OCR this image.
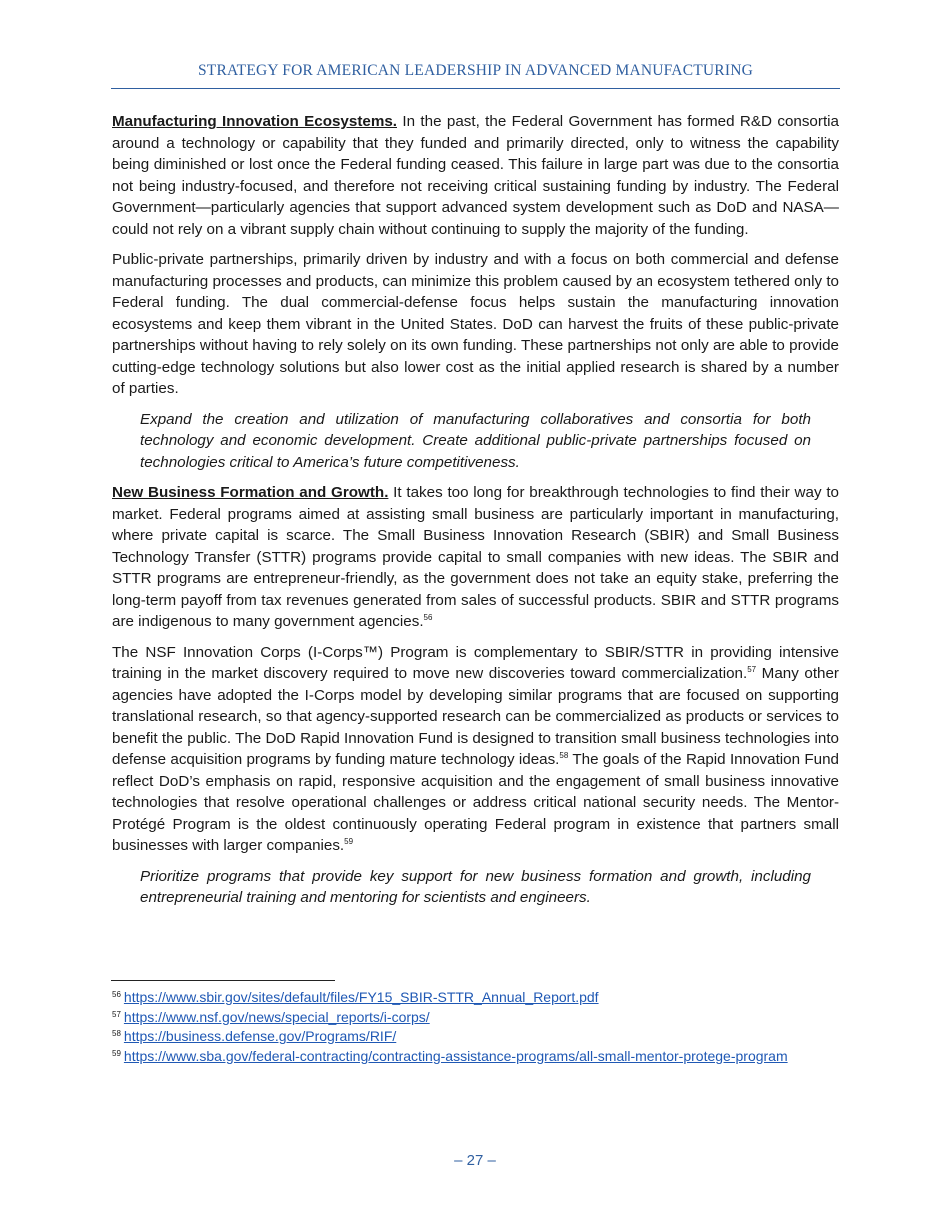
STRATEGY FOR AMERICAN LEADERSHIP IN ADVANCED MANUFACTURING

Manufacturing Innovation Ecosystems. In the past, the Federal Government has formed R&D consortia around a technology or capability that they funded and primarily directed, only to witness the capability being diminished or lost once the Federal funding ceased. This failure in large part was due to the consortia not being industry-focused, and therefore not receiving critical sustaining funding by industry. The Federal Government—particularly agencies that support advanced system development such as DoD and NASA—could not rely on a vibrant supply chain without continuing to supply the majority of the funding.

Public-private partnerships, primarily driven by industry and with a focus on both commercial and defense manufacturing processes and products, can minimize this problem caused by an ecosystem tethered only to Federal funding. The dual commercial-defense focus helps sustain the manufacturing innovation ecosystems and keep them vibrant in the United States. DoD can harvest the fruits of these public-private partnerships without having to rely solely on its own funding. These partnerships not only are able to provide cutting-edge technology solutions but also lower cost as the initial applied research is shared by a number of parties.

Expand the creation and utilization of manufacturing collaboratives and consortia for both technology and economic development. Create additional public-private partnerships focused on technologies critical to America’s future competitiveness.

New Business Formation and Growth. It takes too long for breakthrough technologies to find their way to market. Federal programs aimed at assisting small business are particularly important in manufacturing, where private capital is scarce. The Small Business Innovation Research (SBIR) and Small Business Technology Transfer (STTR) programs provide capital to small companies with new ideas. The SBIR and STTR programs are entrepreneur-friendly, as the government does not take an equity stake, preferring the long-term payoff from tax revenues generated from sales of successful products. SBIR and STTR programs are indigenous to many government agencies.$^{56}$

The NSF Innovation Corps (I-Corps™) Program is complementary to SBIR/STTR in providing intensive training in the market discovery required to move new discoveries toward commercialization.$^{57}$ Many other agencies have adopted the I-Corps model by developing similar programs that are focused on supporting translational research, so that agency-supported research can be commercialized as products or services to benefit the public. The DoD Rapid Innovation Fund is designed to transition small business technologies into defense acquisition programs by funding mature technology ideas.$^{58}$ The goals of the Rapid Innovation Fund reflect DoD’s emphasis on rapid, responsive acquisition and the engagement of small business innovative technologies that resolve operational challenges or address critical national security needs. The Mentor-Protégé Program is the oldest continuously operating Federal program in existence that partners small businesses with larger companies.$^{59}$

Prioritize programs that provide key support for new business formation and growth, including entrepreneurial training and mentoring for scientists and engineers.

$^{56}$ https://www.sbir.gov/sites/default/files/FY15_SBIR-STTR_Annual_Report.pdf

$^{57}$ https://www.nsf.gov/news/special_reports/i-corps/

$^{58}$ https://business.defense.gov/Programs/RIF/

$^{59}$ https://www.sba.gov/federal-contracting/contracting-assistance-programs/all-small-mentor-protege-program

– 27 –
